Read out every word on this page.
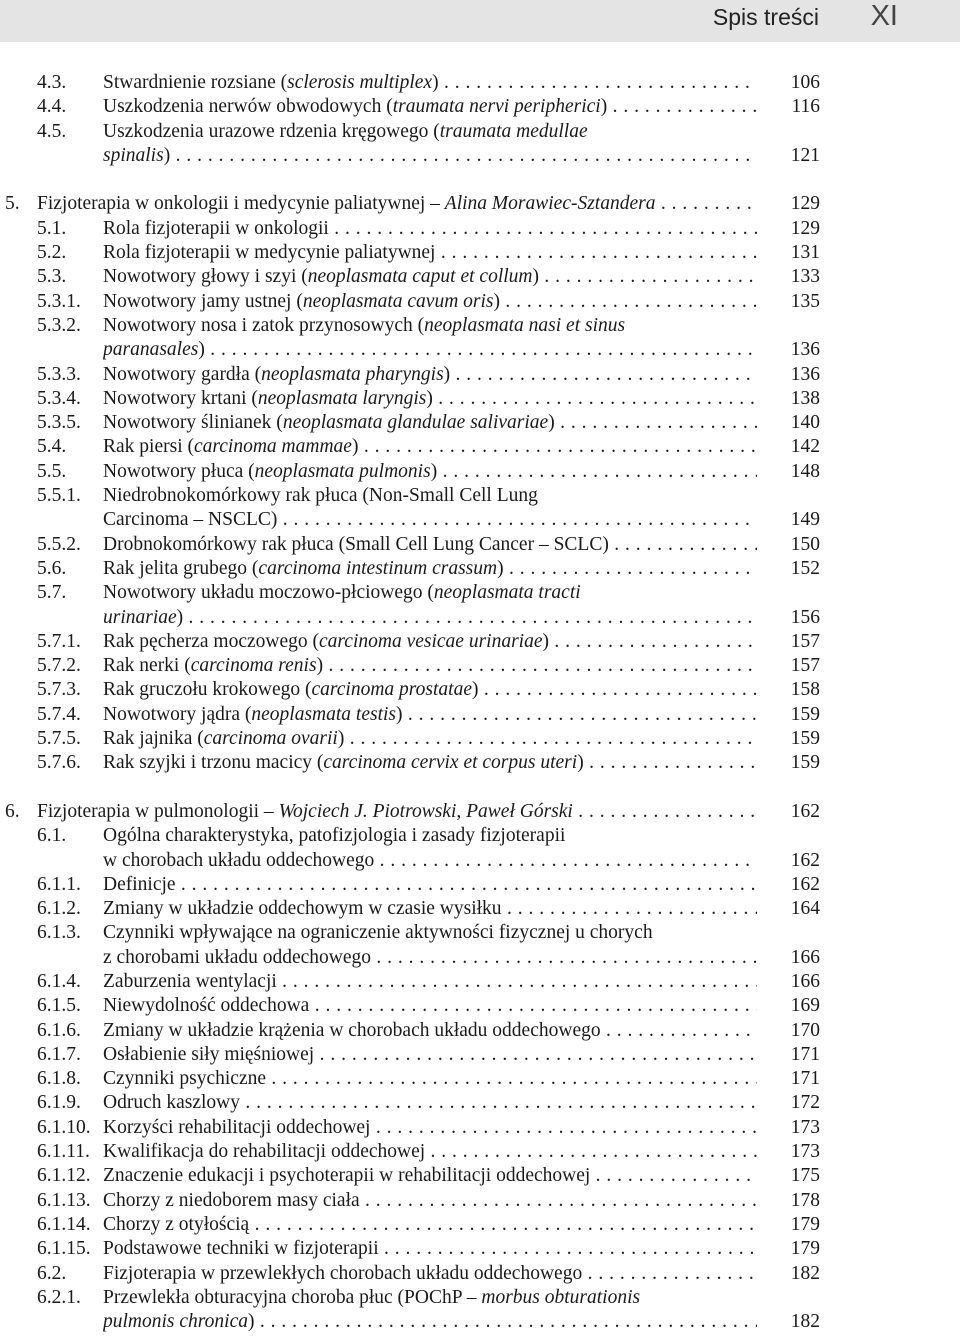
Spis treści XI
4.3. Stwardnienie rozsiane (sclerosis multiplex) . . .	106
4.4. Uszkodzenia nerwów obwodowych (traumata nervi peripherici) . . .	116
4.5. Uszkodzenia urazowe rdzenia kręgowego (traumata medullae
spinalis) . . .	121
5. Fizjoterapia w onkologii i medycynie paliatywnej – Alina Morawiec-Sztandera . . .	129
5.1. Rola fizjoterapii w onkologii . . .	129
5.2. Rola fizjoterapii w medycynie paliatywnej . . .	131
5.3. Nowotwory głowy i szyi (neoplasmata caput et collum) . . .	133
5.3.1. Nowotwory jamy ustnej (neoplasmata cavum oris) . . .	135
5.3.2. Nowotwory nosa i zatok przynosowych (neoplasmata nasi et sinus
paranasales) . . .	136
5.3.3. Nowotwory gardła (neoplasmata pharyngis) . . .	136
5.3.4. Nowotwory krtani (neoplasmata laryngis) . . .	138
5.3.5. Nowotwory ślinianek (neoplasmata glandulae salivariae) . . .	140
5.4. Rak piersi (carcinoma mammae) . . .	142
5.5. Nowotwory płuca (neoplasmata pulmonis) . . .	148
5.5.1. Niedrobnokomórkowy rak płuca (Non-Small Cell Lung
Carcinoma – NSCLC) . . .	149
5.5.2. Drobnokomórkowy rak płuca (Small Cell Lung Cancer – SCLC) . . .	150
5.6. Rak jelita grubego (carcinoma intestinum crassum) . . .	152
5.7. Nowotwory układu moczowo-płciowego (neoplasmata tracti
urinariae) . . .	156
5.7.1. Rak pęcherza moczowego (carcinoma vesicae urinariae) . . .	157
5.7.2. Rak nerki (carcinoma renis) . . .	157
5.7.3. Rak gruczołu krokowego (carcinoma prostatae) . . .	158
5.7.4. Nowotwory jądra (neoplasmata testis) . . .	159
5.7.5. Rak jajnika (carcinoma ovarii) . . .	159
5.7.6. Rak szyjki i trzonu macicy (carcinoma cervix et corpus uteri) . . .	159
6. Fizjoterapia w pulmonologii – Wojciech J. Piotrowski, Paweł Górski . . .	162
6.1. Ogólna charakterystyka, patofizjologia i zasady fizjoterapii
w chorobach układu oddechowego . . .	162
6.1.1. Definicje . . .	162
6.1.2. Zmiany w układzie oddechowym w czasie wysiłku . . .	164
6.1.3. Czynniki wpływające na ograniczenie aktywności fizycznej u chorych
z chorobami układu oddechowego . . .	166
6.1.4. Zaburzenia wentylacji . . .	166
6.1.5. Niewydolność oddechowa . . .	169
6.1.6. Zmiany w układzie krążenia w chorobach układu oddechowego . . .	170
6.1.7. Osłabienie siły mięśniowej . . .	171
6.1.8. Czynniki psychiczne . . .	171
6.1.9. Odruch kaszlowy . . .	172
6.1.10. Korzyści rehabilitacji oddechowej . . .	173
6.1.11. Kwalifikacja do rehabilitacji oddechowej . . .	173
6.1.12. Znaczenie edukacji i psychoterapii w rehabilitacji oddechowej . . .	175
6.1.13. Chorzy z niedoborem masy ciała . . .	178
6.1.14. Chorzy z otyłością . . .	179
6.1.15. Podstawowe techniki w fizjoterapii . . .	179
6.2. Fizjoterapia w przewlekłych chorobach układu oddechowego . . .	182
6.2.1. Przewlekła obturacyjna choroba płuc (POChP – morbus obturationis
pulmonis chronica) . . .	182
